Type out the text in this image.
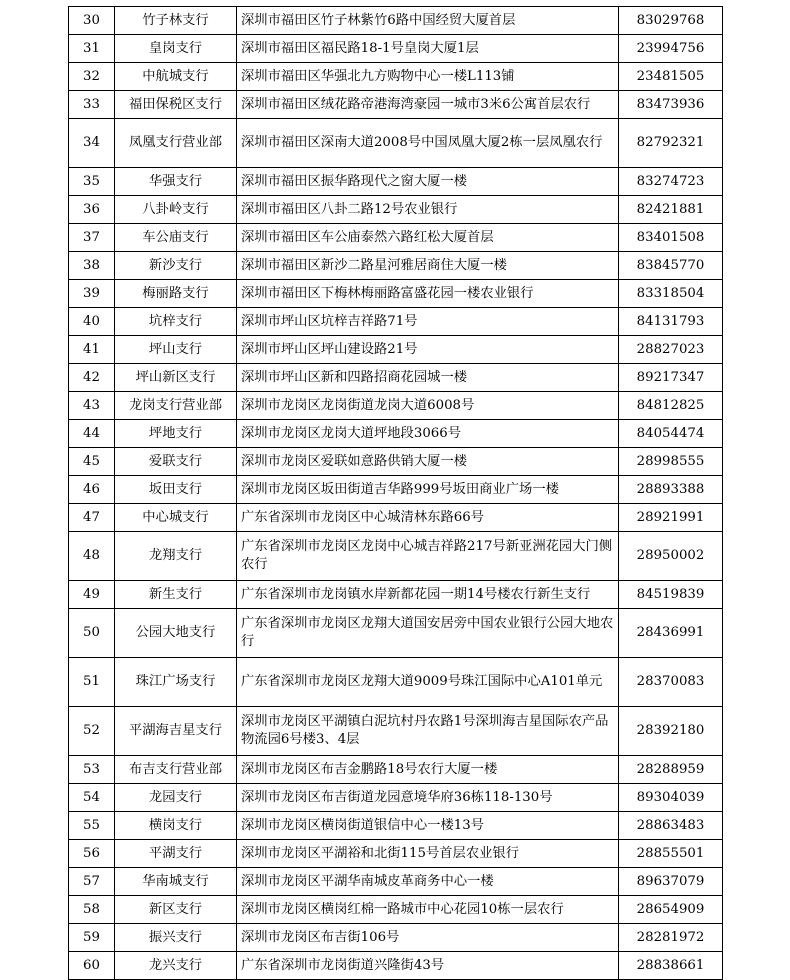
30	竹子林支行	深圳市福田区竹子林紫竹6路中国经贸大厦首层	83029768
31	皇岗支行	深圳市福田区福民路18-1号皇岗大厦1层	23994756
32	中航城支行	深圳市福田区华强北九方购物中心一楼L113铺	23481505
33	福田保税区支行	深圳市福田区绒花路帝港海湾豪园一城市3米6公寓首层农行	83473936
34	凤凰支行营业部	深圳市福田区深南大道2008号中国凤凰大厦2栋一层凤凰农行	82792321
35	华强支行	深圳市福田区振华路现代之窗大厦一楼	83274723
36	八卦岭支行	深圳市福田区八卦二路12号农业银行	82421881
37	车公庙支行	深圳市福田区车公庙泰然六路红松大厦首层	83401508
38	新沙支行	深圳市福田区新沙二路星河雅居商住大厦一楼	83845770
39	梅丽路支行	深圳市福田区下梅林梅丽路富盛花园一楼农业银行	83318504
40	坑梓支行	深圳市坪山区坑梓吉祥路71号	84131793
41	坪山支行	深圳市坪山区坪山建设路21号	28827023
42	坪山新区支行	深圳市坪山区新和四路招商花园城一楼	89217347
43	龙岗支行营业部	深圳市龙岗区龙岗街道龙岗大道6008号	84812825
44	坪地支行	深圳市龙岗区龙岗大道坪地段3066号	84054474
45	爱联支行	深圳市龙岗区爱联如意路供销大厦一楼	28998555
46	坂田支行	深圳市龙岗区坂田街道吉华路999号坂田商业广场一楼	28893388
47	中心城支行	广东省深圳市龙岗区中心城清林东路66号	28921991
48	龙翔支行	广东省深圳市龙岗区龙岗中心城吉祥路217号新亚洲花园大门侧农行	28950002
49	新生支行	广东省深圳市龙岗镇水岸新都花园一期14号楼农行新生支行	84519839
50	公园大地支行	广东省深圳市龙岗区龙翔大道国安居旁中国农业银行公园大地农行	28436991
51	珠江广场支行	广东省深圳市龙岗区龙翔大道9009号珠江国际中心A101单元	28370083
52	平湖海吉星支行	深圳市龙岗区平湖镇白泥坑村丹农路1号深圳海吉星国际农产品物流园6号楼3、4层	28392180
53	布吉支行营业部	深圳市龙岗区布吉金鹏路18号农行大厦一楼	28288959
54	龙园支行	深圳市龙岗区布吉街道龙园意境华府36栋118-130号	89304039
55	横岗支行	深圳市龙岗区横岗街道银信中心一楼13号	28863483
56	平湖支行	深圳市龙岗区平湖裕和北街115号首层农业银行	28855501
57	华南城支行	深圳市龙岗区平湖华南城皮革商务中心一楼	89637079
58	新区支行	深圳市龙岗区横岗红棉一路城市中心花园10栋一层农行	28654909
59	振兴支行	深圳市龙岗区布吉街106号	28281972
60	龙兴支行	广东省深圳市龙岗街道兴隆街43号	28838661
